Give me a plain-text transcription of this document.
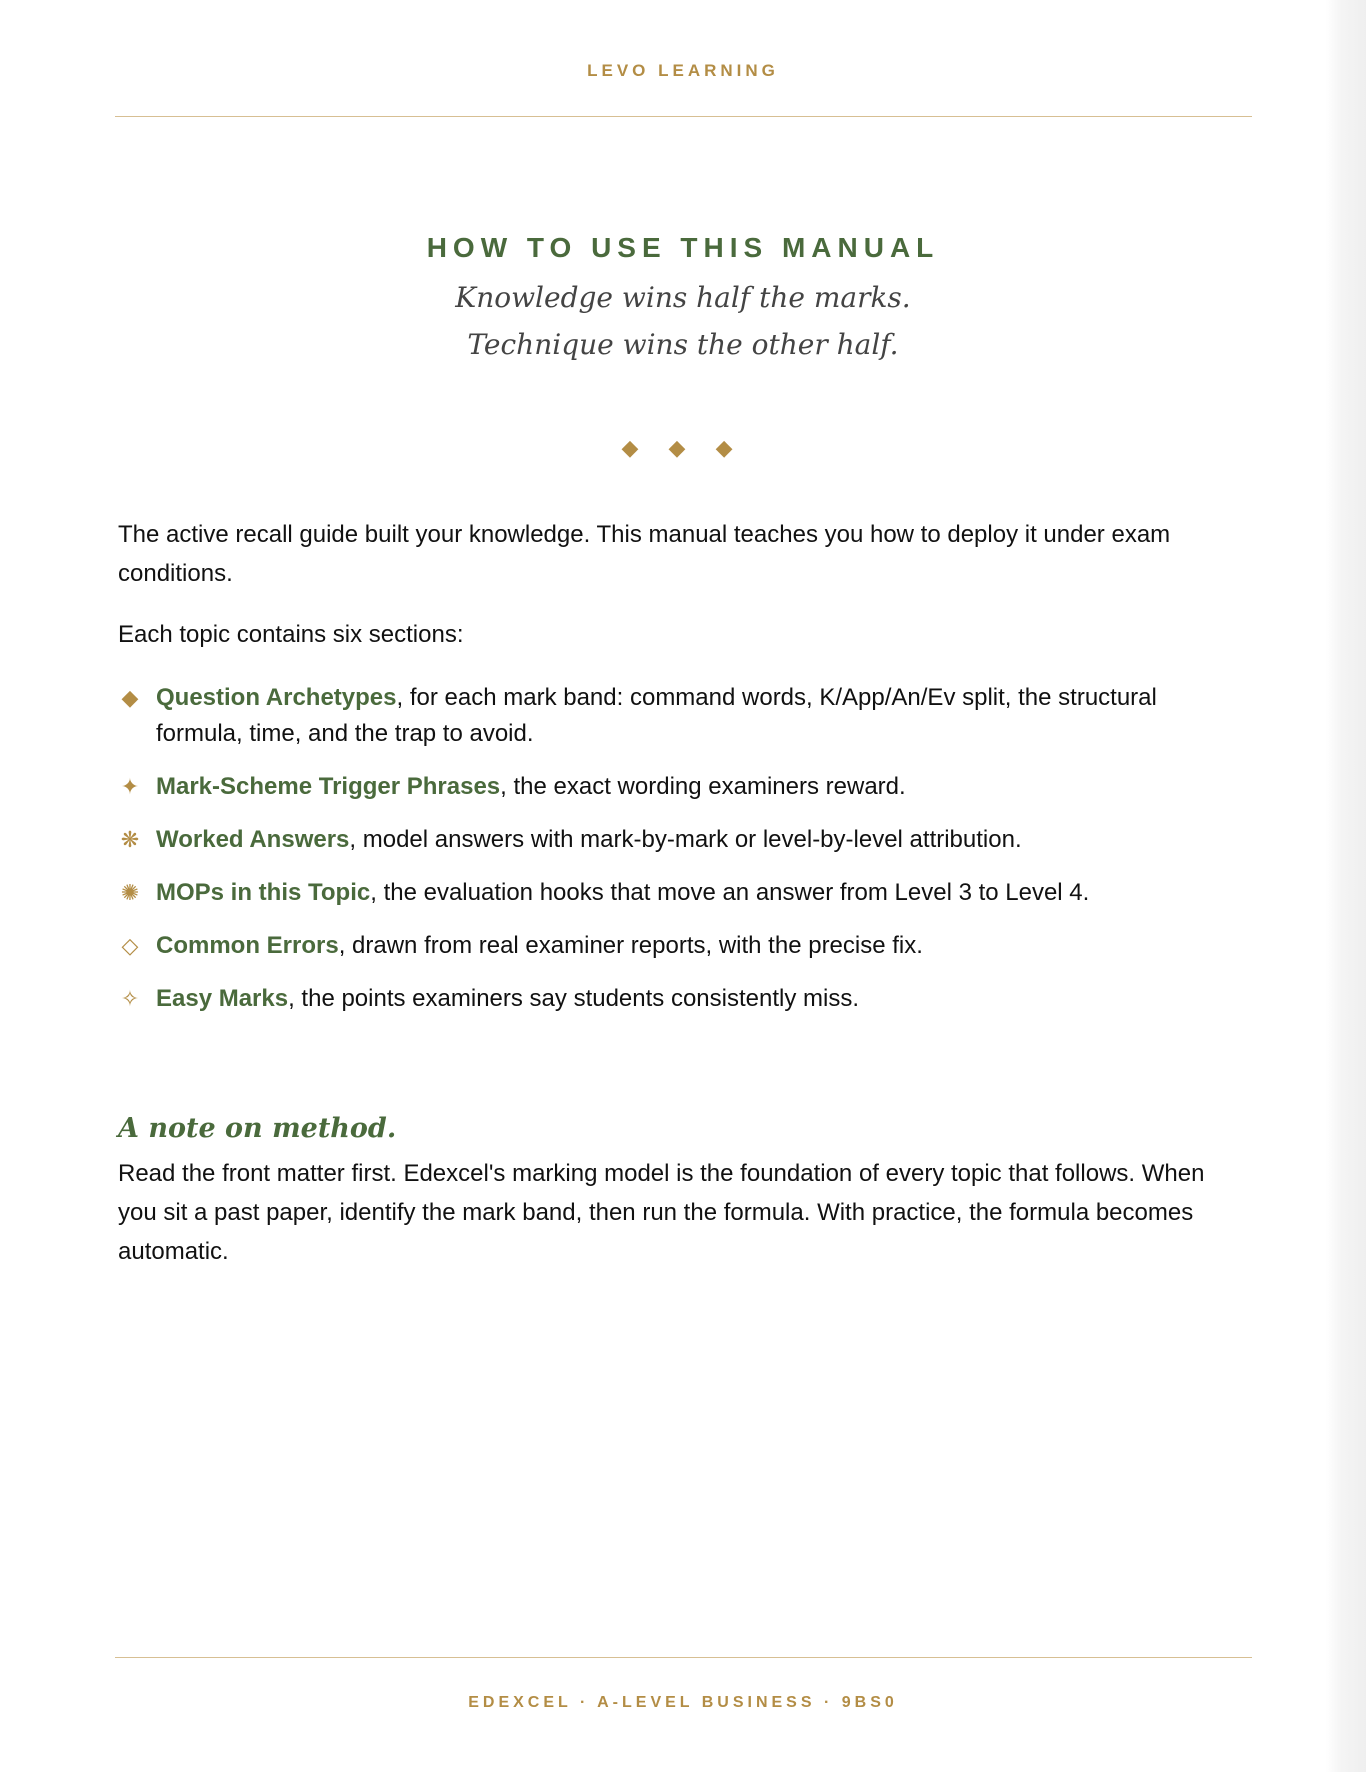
LEVO LEARNING
HOW TO USE THIS MANUAL
Knowledge wins half the marks.
Technique wins the other half.
◆ ◆ ◆
The active recall guide built your knowledge. This manual teaches you how to deploy it under exam conditions.
Each topic contains six sections:
◆ Question Archetypes, for each mark band: command words, K/App/An/Ev split, the structural formula, time, and the trap to avoid.
✦ Mark-Scheme Trigger Phrases, the exact wording examiners reward.
❋ Worked Answers, model answers with mark-by-mark or level-by-level attribution.
✺ MOPs in this Topic, the evaluation hooks that move an answer from Level 3 to Level 4.
◇ Common Errors, drawn from real examiner reports, with the precise fix.
✧ Easy Marks, the points examiners say students consistently miss.
A note on method.
Read the front matter first. Edexcel's marking model is the foundation of every topic that follows. When you sit a past paper, identify the mark band, then run the formula. With practice, the formula becomes automatic.
EDEXCEL · A-LEVEL BUSINESS · 9BS0
